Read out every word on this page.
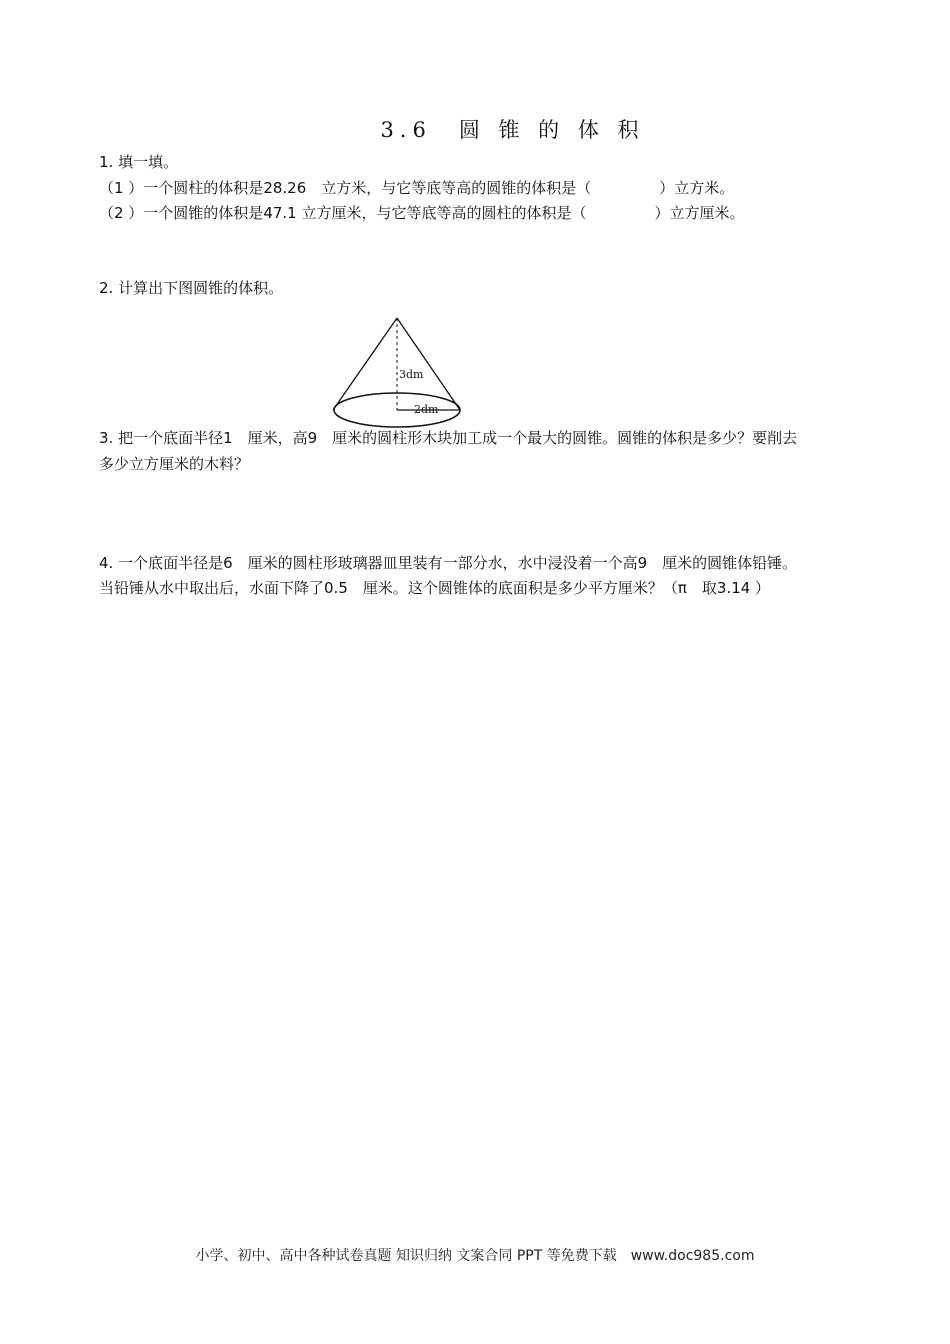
3.6　圆 锥 的 体 积
1. 填一填。
（1 ）一个圆柱的体积是28.26　立方米，与它等底等高的圆锥的体积是（	）立方米。
（2 ）一个圆锥的体积是47.1 立方厘米，与它等底等高的圆柱的体积是（	）立方厘米。
2. 计算出下图圆锥的体积。
3. 把一个底面半径1　厘米，高9　厘米的圆柱形木块加工成一个最大的圆锥。圆锥的体积是多少？要削去
多少立方厘米的木料？
3dm
2dm
4. 一个底面半径是6　厘米的圆柱形玻璃器皿里装有一部分水，水中浸没着一个高9　厘米的圆锥体铅锤。
当铅锤从水中取出后，水面下降了0.5　厘米。这个圆锥体的底面积是多少平方厘米？（π　取3.14 ）
小学、初中、高中各种试卷真题 知识归纳 文案合同 PPT 等免费下载　www.doc985.com
